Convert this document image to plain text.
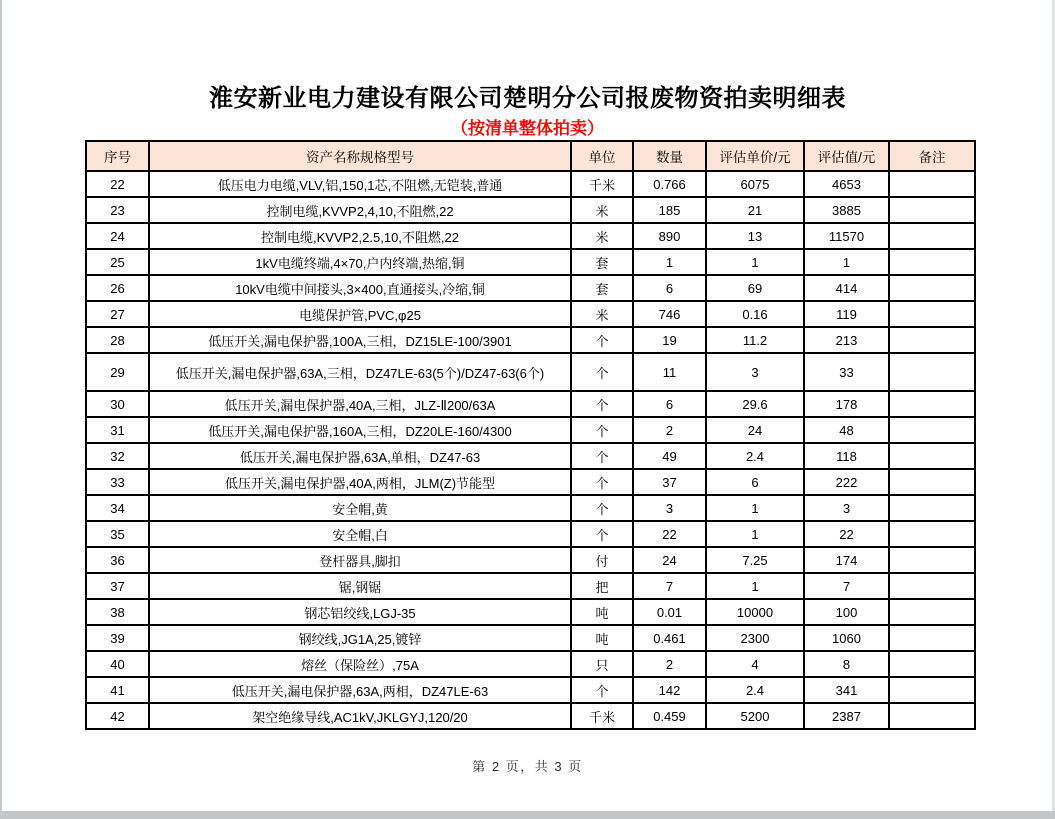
淮安新业电力建设有限公司楚明分公司报废物资拍卖明细表
（按清单整体拍卖）
序号	资产名称规格型号	单位	数量	评估单价/元	评估值/元	备注
22	低压电力电缆,VLV,铝,150,1芯,不阻燃,无铠装,普通	千米	0.766	6075	4653	
23	控制电缆,KVVP2,4,10,不阻燃,22	米	185	21	3885	
24	控制电缆,KVVP2,2.5,10,不阻燃,22	米	890	13	11570	
25	1kV电缆终端,4×70,户内终端,热缩,铜	套	1	1	1	
26	10kV电缆中间接头,3×400,直通接头,冷缩,铜	套	6	69	414	
27	电缆保护管,PVC,φ25	米	746	0.16	119	
28	低压开关,漏电保护器,100A,三相，DZ15LE-100/3901	个	19	11.2	213	
29	低压开关,漏电保护器,63A,三相，DZ47LE-63(5个)/DZ47-63(6个)	个	11	3	33	
30	低压开关,漏电保护器,40A,三相，JLZ-Ⅱ200/63A	个	6	29.6	178	
31	低压开关,漏电保护器,160A,三相，DZ20LE-160/4300	个	2	24	48	
32	低压开关,漏电保护器,63A,单相，DZ47-63	个	49	2.4	118	
33	低压开关,漏电保护器,40A,两相，JLM(Z)节能型	个	37	6	222	
34	安全帽,黄	个	3	1	3	
35	安全帽,白	个	22	1	22	
36	登杆器具,脚扣	付	24	7.25	174	
37	锯,钢锯	把	7	1	7	
38	钢芯铝绞线,LGJ-35	吨	0.01	10000	100	
39	钢绞线,JG1A,25,镀锌	吨	0.461	2300	1060	
40	熔丝（保险丝）,75A	只	2	4	8	
41	低压开关,漏电保护器,63A,两相，DZ47LE-63	个	142	2.4	341	
42	架空绝缘导线,AC1kV,JKLGYJ,120/20	千米	0.459	5200	2387	
第 2 页，共 3 页
